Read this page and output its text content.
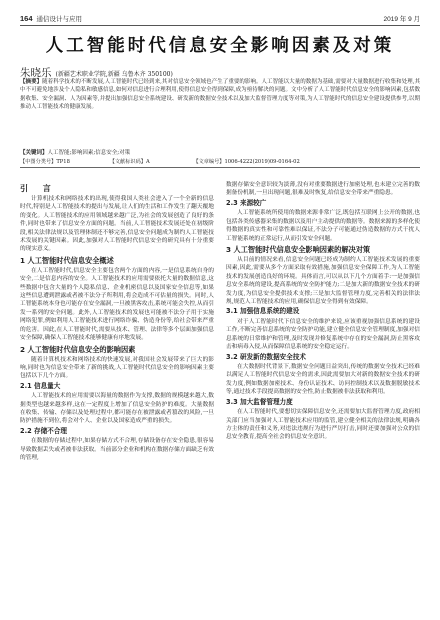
164 通信设计与应用	2019 年 9 月
人工智能时代信息安全影响因素及对策
朱晓乐 (新疆艺术职业学院,新疆 乌鲁木齐 350100)
【摘要】随着科学技术的不断发展,人工智能时代已经到来,其对信息安全领域也产生了重要的影响。人工智能以大量的数据为基础,需要对大量数据进行收集和处理,其中不可避免地涉及个人隐私和敏感信息,如何对信息进行合理利用,使得信息安全得到保障,成为亟待解决的问题。文中分析了人工智能时代信息安全的影响因素,包括数据收集、安全漏洞、人为因素等,并提出加强信息安全系统建设、研发新的数据安全技术以及加大监督管理力度等对策,为人工智能时代的信息安全建设提供参考,以期推动人工智能技术的健康发展。
【关键词】人工智能;影响因素;信息安全;对策
【中图分类号】TP18	【文献标识码】A	【文章编号】1006-4222(2019)09-0164-02
引 言

计算机技术和网络技术的出现,使得我国人类社会进入了一个全新的信息时代,特别是人工智能技术的提出与发展,让人们的生活和工作发生了翻天覆地的变化。人工智能技术的应用领域越来越广泛,为社会的发展创造了良好的条件,同时也带来了信息安全方面的问题。当前,人工智能技术发展还处在初级阶段,相关法律法规以及管理体制还不够完善,信息安全问题成为制约人工智能技术发展的关键因素。因此,加强对人工智能时代信息安全的研究具有十分重要的现实意义。

1 人工智能时代信息安全概述

在人工智能时代,信息安全主要包含两个方面的内容,一是信息系统自身的安全,二是信息内容的安全。人工智能技术的应用需要依托大量的数据信息,这些数据中包含大量的个人隐私信息、企业机密信息以及国家安全信息等,如果这些信息遭到泄露或者被不法分子所利用,将会造成不可估量的损失。同时,人工智能系统本身也可能存在安全漏洞,一旦被黑客攻击,系统可能会失控,从而引发一系列的安全问题。此外,人工智能技术的发展也可能被不法分子用于实施网络犯罪,例如利用人工智能技术进行网络诈骗、伪造身份等,给社会带来严重的危害。因此,在人工智能时代,需要从技术、管理、法律等多个层面加强信息安全保障,确保人工智能技术能够健康有序地发展。

2 人工智能时代信息安全的影响因素

随着计算机技术和网络技术的快速发展,对我国社会发展带来了巨大的影响,同时也为信息安全带来了新的挑战,人工智能时代信息安全的影响因素主要包括以下几个方面。

2.1 信息量大

人工智能技术的应用需要以海量的数据作为支撑,数据的规模越来越大,数据类型也越来越多样,这在一定程度上增加了信息安全防护的难度。大量数据在收集、传输、存储以及处理过程中,都可能存在被泄露或者篡改的风险,一旦防护措施不到位,将会对个人、企业以及国家造成严重的损失。

2.2 存储不合理

在数据的存储过程中,如果存储方式不合理,存储设备存在安全隐患,很容易导致数据丢失或者被非法获取。当前部分企业和机构在数据存储方面缺乏有效的管理,

数据存储安全意识较为淡薄,没有对重要数据进行加密处理,也未建立完善的数据备份机制,一旦出现问题,很难及时恢复,给信息安全带来严重隐患。

2.3 来源较广

人工智能系统所使用的数据来源非常广泛,既包括互联网上公开的数据,也包括各类传感器采集的数据以及用户主动提供的数据等。数据来源的多样化使得数据的真实性和可靠性难以保证,不法分子可能通过伪造数据的方式干扰人工智能系统的正常运行,从而引发安全问题。

3 人工智能时代信息安全影响因素的解决对策

从目前的情况来看,信息安全问题已经成为制约人工智能技术发展的重要因素,因此,需要从多个方面采取有效措施,加强信息安全保障工作,为人工智能技术的发展创造良好的环境。具体而言,可以从以下几个方面着手:一是加强信息安全系统的建设,提高系统的安全防护能力;二是加大新的数据安全技术的研发力度,为信息安全提供技术支撑;三是加大监督管理力度,完善相关的法律法规,规范人工智能技术的应用,确保信息安全得到有效保障。

3.1 加强信息系统的建设

对于人工智能时代下信息安全的维护来说,应该重视加强信息系统的建设工作,不断完善信息系统的安全防护功能,建立健全信息安全管理制度,加强对信息系统的日常维护和管理,及时发现并修复系统中存在的安全漏洞,防止黑客攻击和病毒入侵,从而保障信息系统的安全稳定运行。

3.2 研发新的数据安全技术

在大数据时代背景下,数据安全问题日益突出,传统的数据安全技术已经难以满足人工智能时代信息安全的需求,因此需要加大对新的数据安全技术的研发力度,例如数据加密技术、身份认证技术、访问控制技术以及数据脱敏技术等,通过技术手段提高数据的安全性,防止数据被非法获取和利用。

3.3 加大监督管理力度

在人工智能时代,要想切实保障信息安全,还需要加大监督管理力度,政府相关部门应当加强对人工智能技术应用的监管,建立健全相关的法律法规,明确各方主体的责任和义务,对违法违规行为进行严厉打击,同时还要加强对公众的信息安全教育,提高全社会的信息安全意识。
